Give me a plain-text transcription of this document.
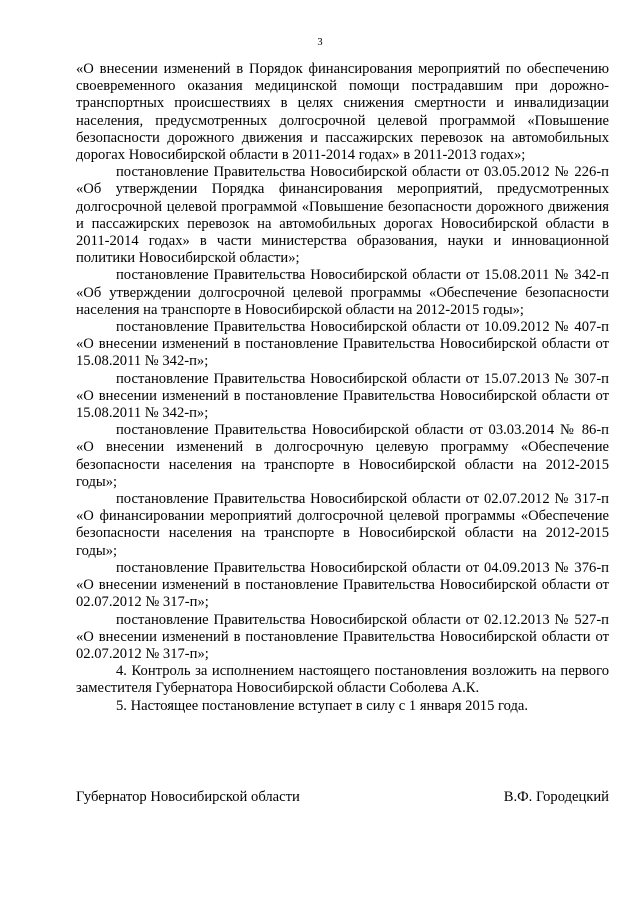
3

«О внесении изменений в Порядок финансирования мероприятий по обеспечению своевременного оказания медицинской помощи пострадавшим при дорожно-транспортных происшествиях в целях снижения смертности и инвалидизации населения, предусмотренных долгосрочной целевой программой «Повышение безопасности дорожного движения и пассажирских перевозок на автомобильных дорогах Новосибирской области в 2011-2014 годах» в 2011-2013 годах»;

постановление Правительства Новосибирской области от 03.05.2012 № 226-п «Об утверждении Порядка финансирования мероприятий, предусмотренных долгосрочной целевой программой «Повышение безопасности дорожного движения и пассажирских перевозок на автомобильных дорогах Новосибирской области в 2011-2014 годах» в части министерства образования, науки и инновационной политики Новосибирской области»;

постановление Правительства Новосибирской области от 15.08.2011 № 342-п «Об утверждении долгосрочной целевой программы «Обеспечение безопасности населения на транспорте в Новосибирской области на 2012-2015 годы»;

постановление Правительства Новосибирской области от 10.09.2012 № 407-п «О внесении изменений в постановление Правительства Новосибирской области от 15.08.2011 № 342-п»;

постановление Правительства Новосибирской области от 15.07.2013 № 307-п «О внесении изменений в постановление Правительства Новосибирской области от 15.08.2011 № 342-п»;

постановление Правительства Новосибирской области от 03.03.2014 № 86-п «О внесении изменений в долгосрочную целевую программу «Обеспечение безопасности населения на транспорте в Новосибирской области на 2012-2015 годы»;

постановление Правительства Новосибирской области от 02.07.2012 № 317-п «О финансировании мероприятий долгосрочной целевой программы «Обеспечение безопасности населения на транспорте в Новосибирской области на 2012-2015 годы»;

постановление Правительства Новосибирской области от 04.09.2013 № 376-п «О внесении изменений в постановление Правительства Новосибирской области от 02.07.2012 № 317-п»;

постановление Правительства Новосибирской области от 02.12.2013 № 527-п «О внесении изменений в постановление Правительства Новосибирской области от 02.07.2012 № 317-п»;

4. Контроль за исполнением настоящего постановления возложить на первого заместителя Губернатора Новосибирской области Соболева А.К.

5. Настоящее постановление вступает в силу с 1 января 2015 года.

Губернатор Новосибирской области	В.Ф. Городецкий
